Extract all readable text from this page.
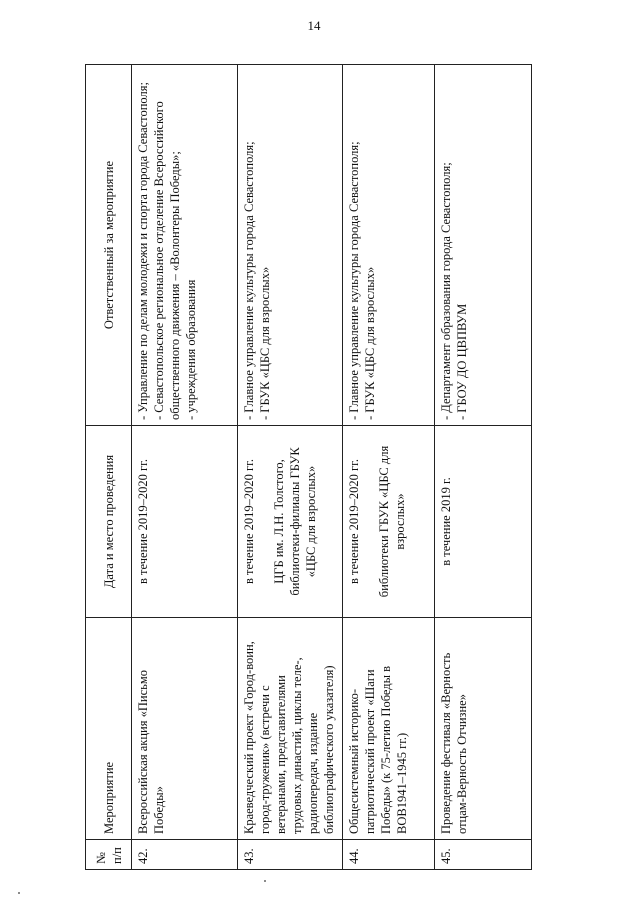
14
№ п/п	Мероприятие	Дата и место проведения	Ответственный за мероприятие
42.	Всероссийская акция «Письмо Победы»	в течение 2019–2020 гг.	- Управление по делам молодежи и спорта города Севастополя; - Севастопольское региональное отделение Всероссийского общественного движения – «Волонтеры Победы»; - учреждения образования

43.	Краеведческий проект «Город-воин, город-труженик» (встречи с ветеранами, представителями трудовых династий, циклы теле-, радиопередач, издание библиографического указателя)	в течение 2019–2020 гг. ЦГБ им. Л.Н. Толстого, библиотеки-филиалы ГБУК «ЦБС для взрослых»	- Главное управление культуры города Севастополя; - ГБУК «ЦБС для взрослых»

44.	Общесистемный историко-патриотический проект «Шаги Победы» (к 75-летию Победы в ВОВ1941–1945 гг.)	в течение 2019–2020 гг. библиотеки ГБУК «ЦБС для взрослых»	- Главное управление культуры города Севастополя; - ГБУК «ЦБС для взрослых»

45.	Проведение фестиваля «Верность отцам-Верность Отчизне»	в течение 2019 г.	- Департамент образования города Севастополя; - ГБОУ ДО ЦВПВУМ
